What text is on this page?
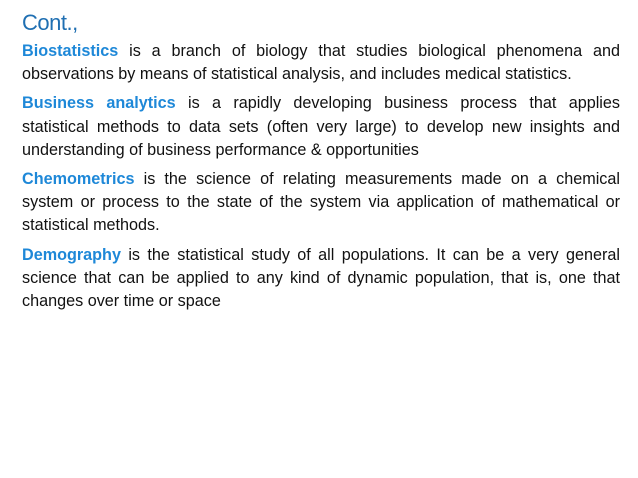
Cont.,

Biostatistics is a branch of biology that studies biological phenomena and observations by means of statistical analysis, and includes medical statistics.

Business analytics is a rapidly developing business process that applies statistical methods to data sets (often very large) to develop new insights and understanding of business performance & opportunities

Chemometrics is the science of relating measurements made on a chemical system or process to the state of the system via application of mathematical or statistical methods.

Demography is the statistical study of all populations. It can be a very general science that can be applied to any kind of dynamic population, that is, one that changes over time or space
